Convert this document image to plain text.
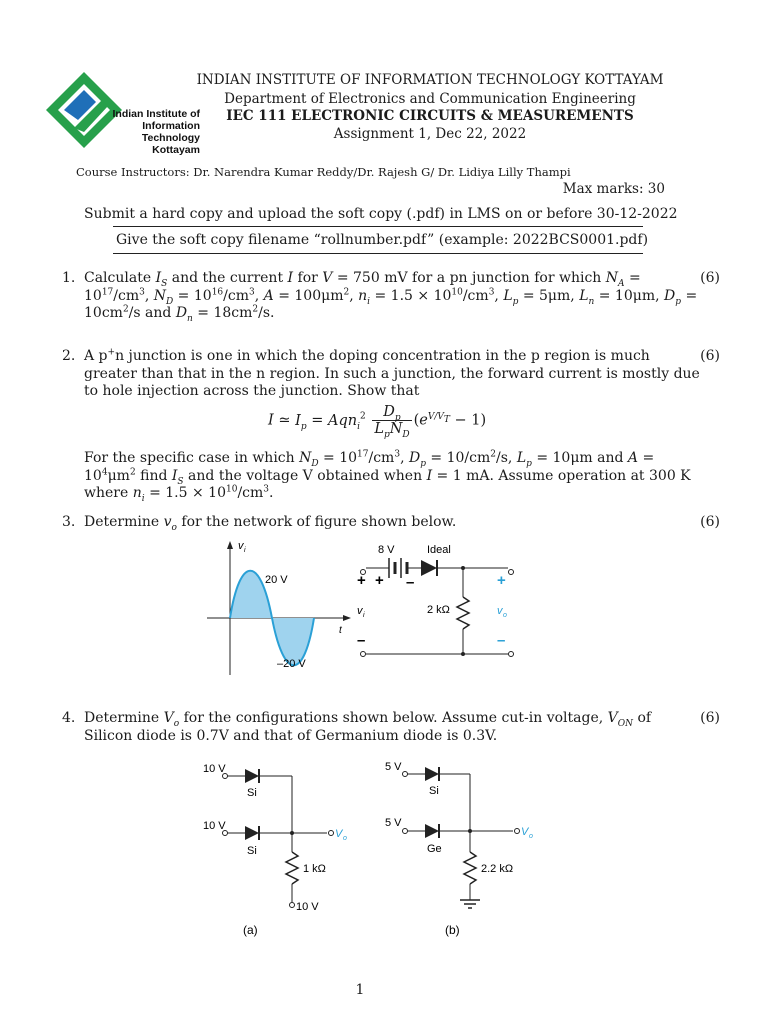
Indian Institute of
Information Technology
Kottayam
INDIAN INSTITUTE OF INFORMATION TECHNOLOGY KOTTAYAM
Department of Electronics and Communication Engineering
IEC 111 ELECTRONIC CIRCUITS & MEASUREMENTS
Assignment 1, Dec 22, 2022
Course Instructors: Dr. Narendra Kumar Reddy/Dr. Rajesh G/ Dr. Lidiya Lilly Thampi
Max marks: 30
Submit a hard copy and upload the soft copy (.pdf) in LMS on or before 30-12-2022
Give the soft copy filename “rollnumber.pdf” (example: 2022BCS0001.pdf)
1. Calculate $I_S$ and the current I for V = 750 mV for a pn junction for which $N_A = 10^{17}/cm^3$, $N_D = 10^{16}/cm^3$, $A = 100\mu m^2$, $n_i = 1.5 \times 10^{10}/cm^3$, $L_p = 5\mu m$, $L_n = 10\mu m$, $D_p = 10cm^2/s$ and $D_n = 18cm^2/s$.
(6)
2. A p+n junction is one in which the doping concentration in the p region is much greater than that in the n region. In such a junction, the forward current is mostly due to hole injection across the junction. Show that
(6)
I ≃ $I_p = Aqn_i^2$	$D_p$
$L_pN_D$
$(e^{V/V_T} - 1)$
For the specific case in which $N_D = 10^{17}/cm^3$, $D_p = 10/cm^2/s$, $L_p = 10\mu m$ and $A = 10^4\mu m^2$ find $I_S$ and the voltage V obtained when I = 1 mA. Assume operation at 300 K where $n_i = 1.5 \times 10^{10}/cm^3$.
3. Determine $v_o$ for the network of figure shown below.	(6)
v i
20 V
–20 V
t
8 V	Ideal
+ + –
–
v i	2 kΩ
+
v o
–
4. Determine $V_o$ for the configurations shown below. Assume cut-in voltage, $V_{ON}$ of Silicon diode is 0.7V and that of Germanium diode is 0.3V.
(6)
10 V
Si
10 V
V o
Si
1 kΩ
10 V
(a)
5 V
Si
5 V
V o
Ge
2.2 kΩ
(b)
1
